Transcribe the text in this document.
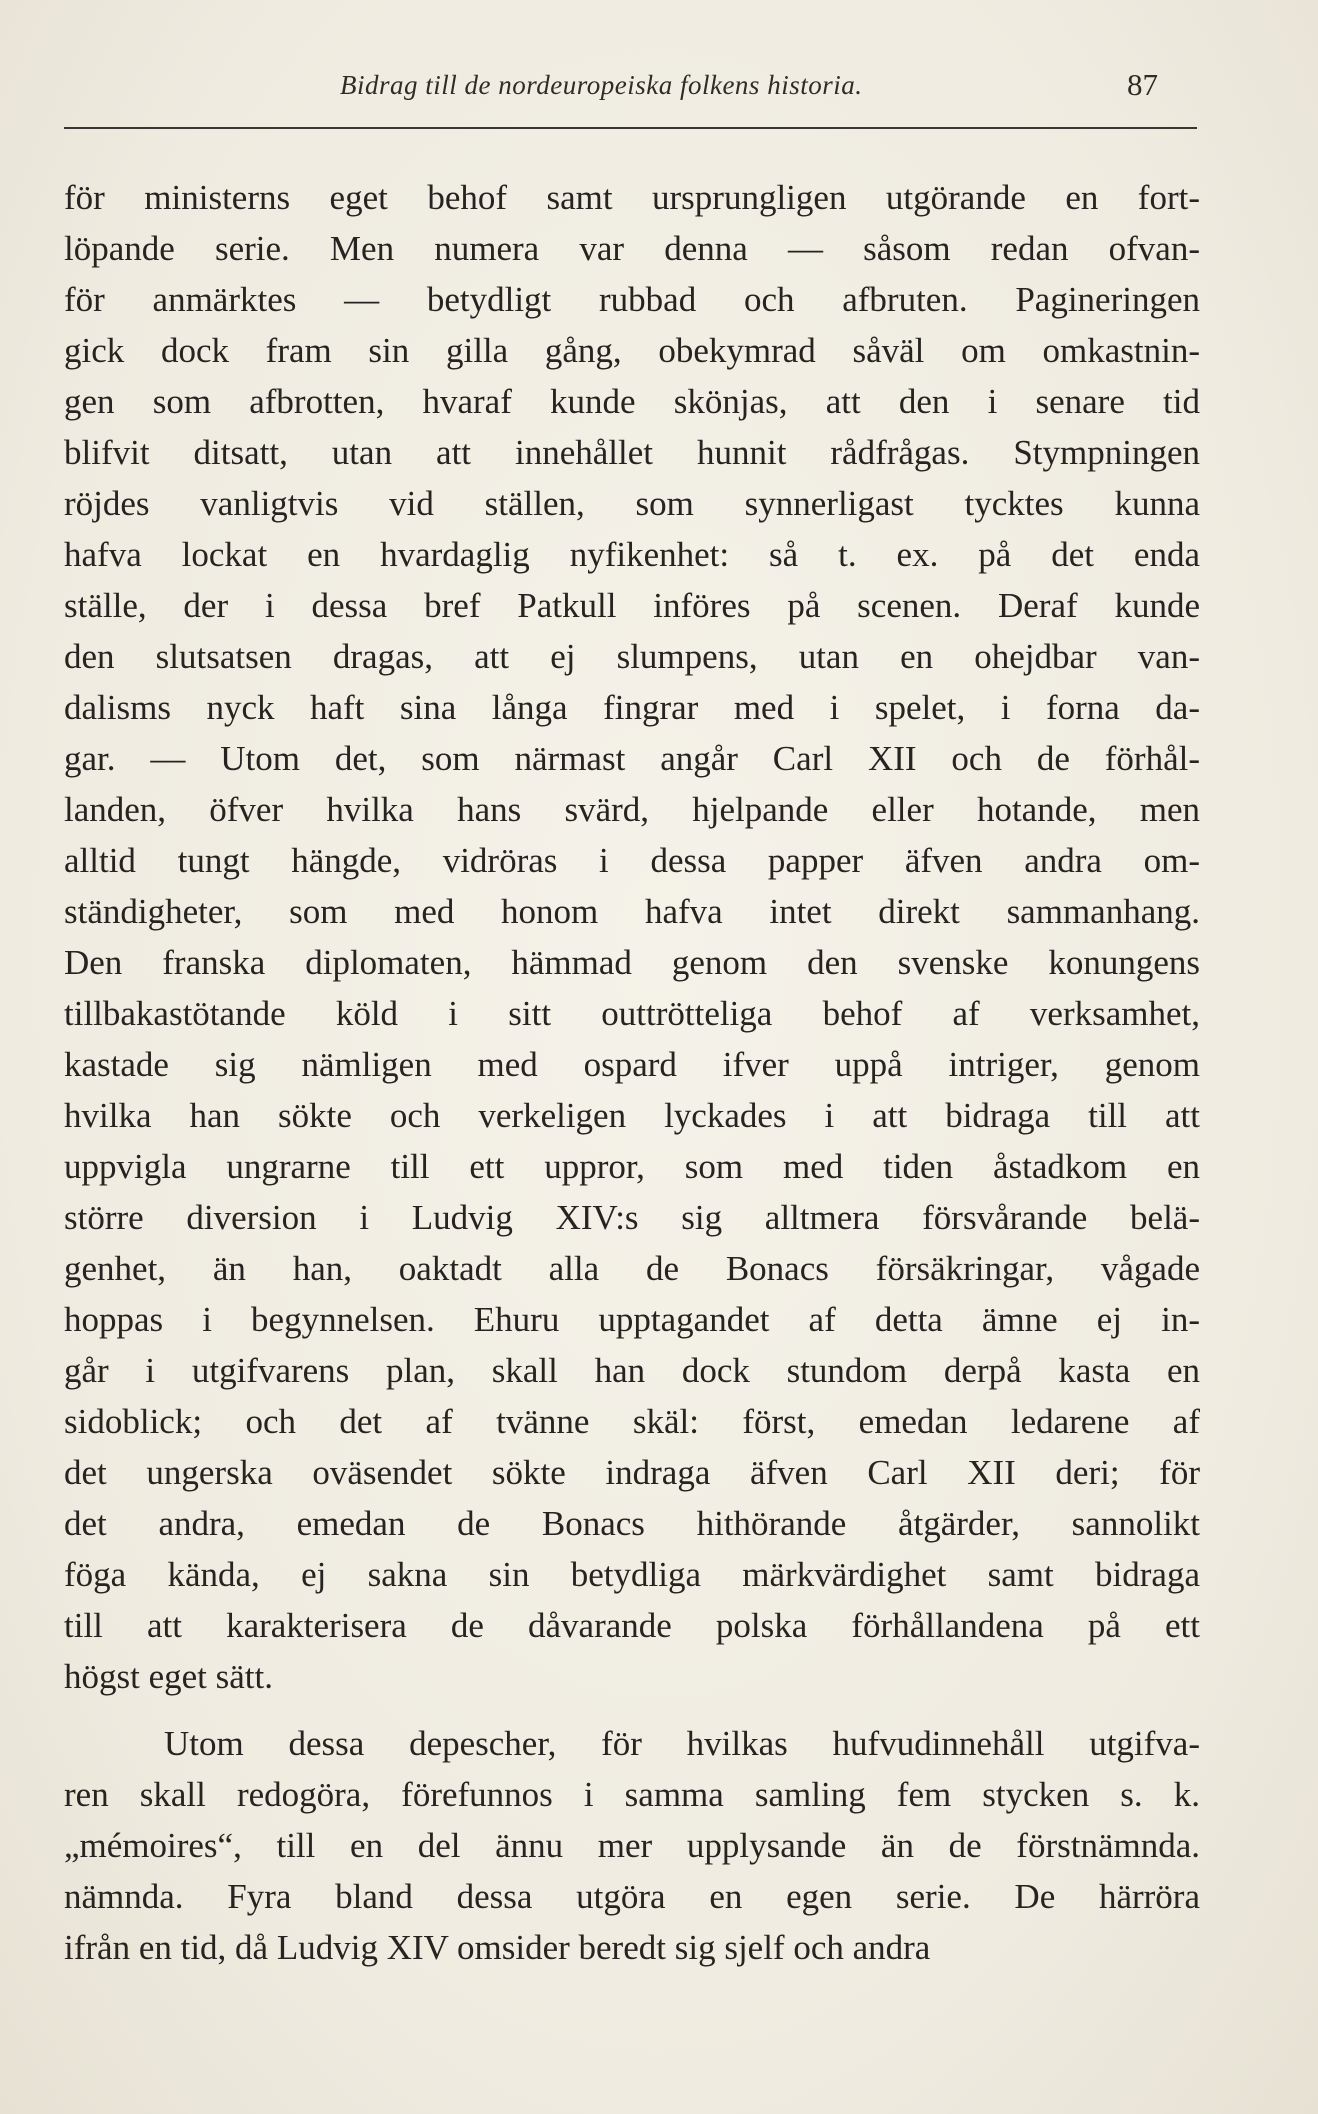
Bidrag till de nordeuropeiska folkens historia.	87
för ministerns eget behof samt ursprungligen utgörande en fort-
löpande serie. Men numera var denna — såsom redan ofvan-
för anmärktes — betydligt rubbad och afbruten. Pagineringen
gick dock fram sin gilla gång, obekymrad såväl om omkastnin-
gen som afbrotten, hvaraf kunde skönjas, att den i senare tid
blifvit ditsatt, utan att innehållet hunnit rådfrågas. Stympningen
röjdes vanligtvis vid ställen, som synnerligast tycktes kunna
hafva lockat en hvardaglig nyfikenhet: så t. ex. på det enda
ställe, der i dessa bref Patkull införes på scenen. Deraf kunde
den slutsatsen dragas, att ej slumpens, utan en ohejdbar van-
dalisms nyck haft sina långa fingrar med i spelet, i forna da-
gar. — Utom det, som närmast angår Carl XII och de förhål-
landen, öfver hvilka hans svärd, hjelpande eller hotande, men
alltid tungt hängde, vidröras i dessa papper äfven andra om-
ständigheter, som med honom hafva intet direkt sammanhang.
Den franska diplomaten, hämmad genom den svenske konungens
tillbakastötande köld i sitt outtrötteliga behof af verksamhet,
kastade sig nämligen med ospard ifver uppå intriger, genom
hvilka han sökte och verkeligen lyckades i att bidraga till att
uppvigla ungrarne till ett uppror, som med tiden åstadkom en
större diversion i Ludvig XIV:s sig alltmera försvårande belä-
genhet, än han, oaktadt alla de Bonacs försäkringar, vågade
hoppas i begynnelsen. Ehuru upptagandet af detta ämne ej in-
går i utgifvarens plan, skall han dock stundom derpå kasta en
sidoblick; och det af tvänne skäl: först, emedan ledarene af
det ungerska oväsendet sökte indraga äfven Carl XII deri; för
det andra, emedan de Bonacs hithörande åtgärder, sannolikt
föga kända, ej sakna sin betydliga märkvärdighet samt bidraga
till att karakterisera de dåvarande polska förhållandena på ett
högst eget sätt.
Utom dessa depescher, för hvilkas hufvudinnehåll utgifva-
ren skall redogöra, förefunnos i samma samling fem stycken s. k.
„mémoires“, till en del ännu mer upplysande än de förstnämnda.
nämnda. Fyra bland dessa utgöra en egen serie. De härröra
ifrån en tid, då Ludvig XIV omsider beredt sig sjelf och andra
